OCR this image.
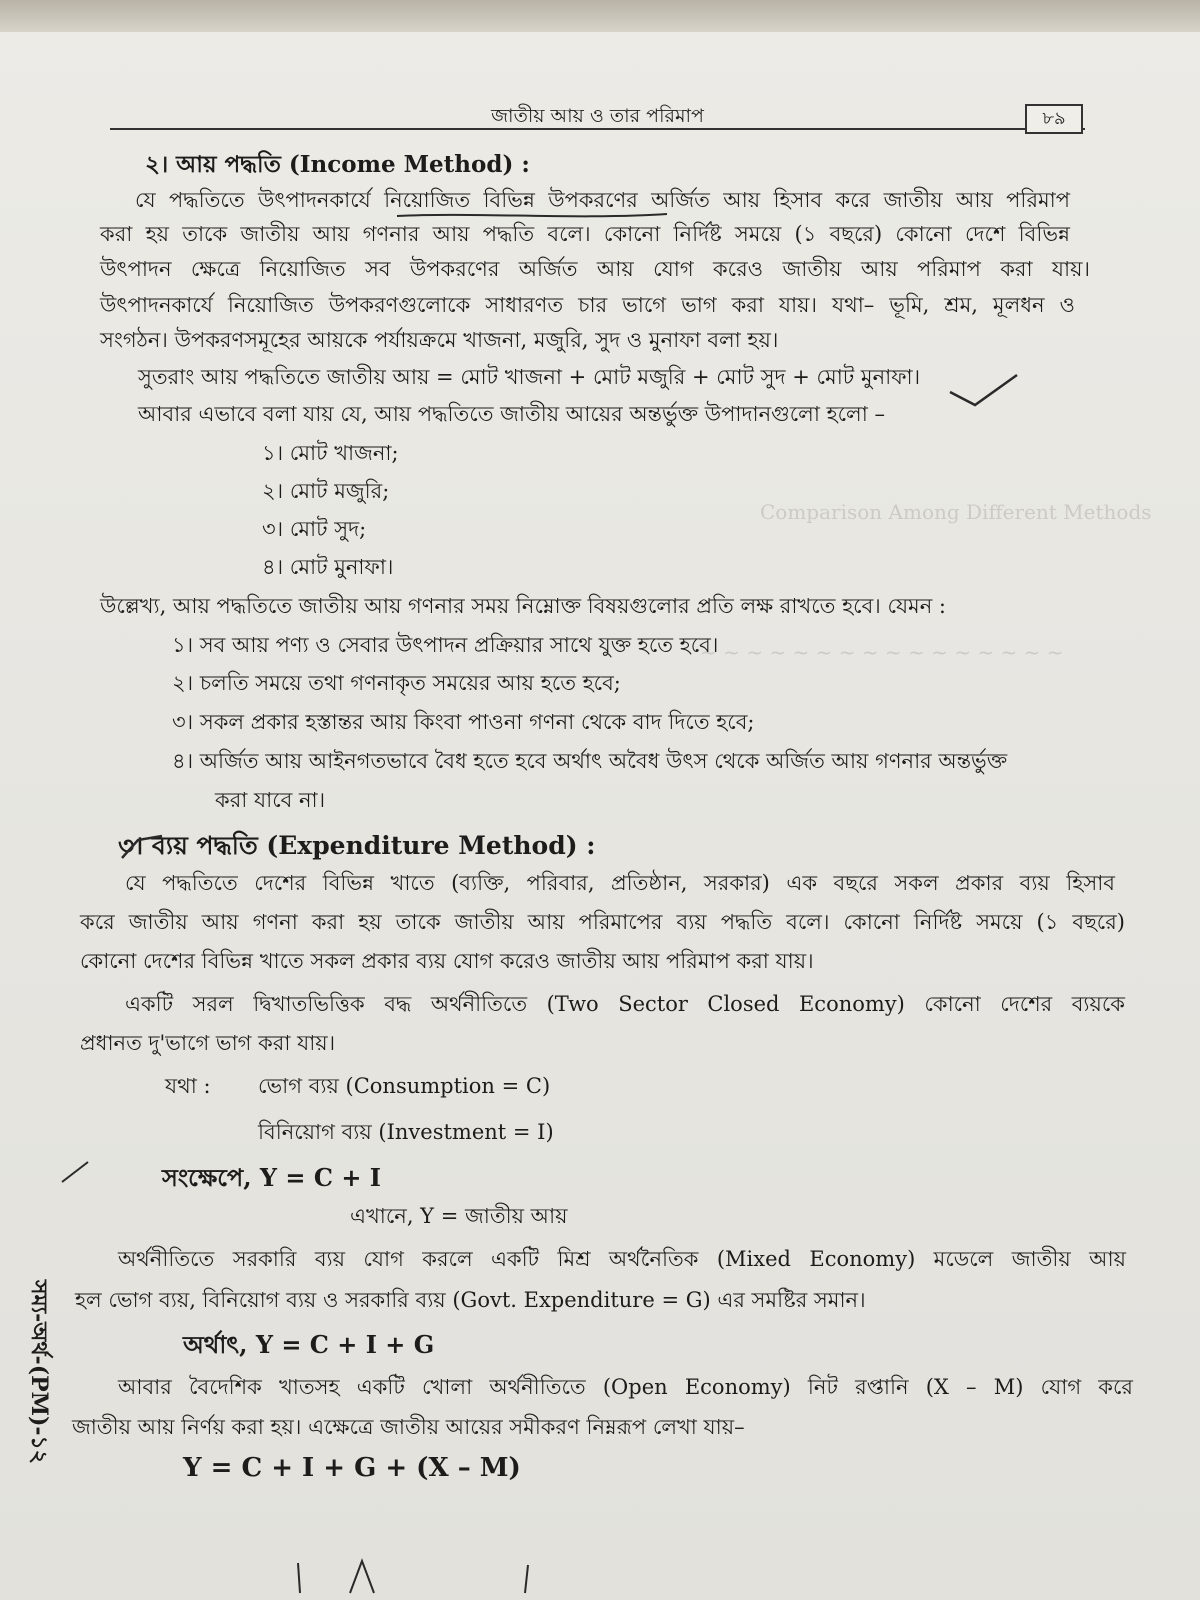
Comparison Among Different Methods
~ ~ ~ ~ ~ ~ ~ ~ ~ ~ ~ ~ ~ ~ ~ ~
জাতীয় আয় ও তার পরিমাপ	৮৯
২। আয় পদ্ধতি (Income Method) :
যে পদ্ধতিতে উৎপাদনকার্যে নিয়োজিত বিভিন্ন উপকরণের অর্জিত আয় হিসাব করে জাতীয় আয় পরিমাপ
করা হয় তাকে জাতীয় আয় গণনার আয় পদ্ধতি বলে। কোনো নির্দিষ্ট সময়ে (১ বছরে) কোনো দেশে বিভিন্ন
উৎপাদন ক্ষেত্রে নিয়োজিত সব উপকরণের অর্জিত আয় যোগ করেও জাতীয় আয় পরিমাপ করা যায়।
উৎপাদনকার্যে নিয়োজিত উপকরণগুলোকে সাধারণত চার ভাগে ভাগ করা যায়। যথা– ভূমি, শ্রম, মূলধন ও
সংগঠন। উপকরণসমূহের আয়কে পর্যায়ক্রমে খাজনা, মজুরি, সুদ ও মুনাফা বলা হয়।
সুতরাং আয় পদ্ধতিতে জাতীয় আয় = মোট খাজনা + মোট মজুরি + মোট সুদ + মোট মুনাফা।
আবার এভাবে বলা যায় যে, আয় পদ্ধতিতে জাতীয় আয়ের অন্তর্ভুক্ত উপাদানগুলো হলো –
১। মোট খাজনা;
২। মোট মজুরি;
৩। মোট সুদ;
৪। মোট মুনাফা।
উল্লেখ্য, আয় পদ্ধতিতে জাতীয় আয় গণনার সময় নিম্নোক্ত বিষয়গুলোর প্রতি লক্ষ রাখতে হবে। যেমন :
১। সব আয় পণ্য ও সেবার উৎপাদন প্রক্রিয়ার সাথে যুক্ত হতে হবে।
২। চলতি সময়ে তথা গণনাকৃত সময়ের আয় হতে হবে;
৩। সকল প্রকার হস্তান্তর আয় কিংবা পাওনা গণনা থেকে বাদ দিতে হবে;
৪। অর্জিত আয় আইনগতভাবে বৈধ হতে হবে অর্থাৎ অবৈধ উৎস থেকে অর্জিত আয় গণনার অন্তর্ভুক্ত
করা যাবে না।
৩। ব্যয় পদ্ধতি (Expenditure Method) :
যে পদ্ধতিতে দেশের বিভিন্ন খাতে (ব্যক্তি, পরিবার, প্রতিষ্ঠান, সরকার) এক বছরে সকল প্রকার ব্যয় হিসাব
করে জাতীয় আয় গণনা করা হয় তাকে জাতীয় আয় পরিমাপের ব্যয় পদ্ধতি বলে। কোনো নির্দিষ্ট সময়ে (১ বছরে)
কোনো দেশের বিভিন্ন খাতে সকল প্রকার ব্যয় যোগ করেও জাতীয় আয় পরিমাপ করা যায়।
একটি সরল দ্বিখাতভিত্তিক বদ্ধ অর্থনীতিতে (Two Sector Closed Economy) কোনো দেশের ব্যয়কে
প্রধানত দু'ভাগে ভাগ করা যায়।
যথা : ভোগ ব্যয় (Consumption = C)
বিনিয়োগ ব্যয় (Investment = I)
সংক্ষেপে, Y = C + I
এখানে, Y = জাতীয় আয়
অর্থনীতিতে সরকারি ব্যয় যোগ করলে একটি মিশ্র অর্থনৈতিক (Mixed Economy) মডেলে জাতীয় আয়
হল ভোগ ব্যয়, বিনিয়োগ ব্যয় ও সরকারি ব্যয় (Govt. Expenditure = G) এর সমষ্টির সমান।
অর্থাৎ, Y = C + I + G
আবার বৈদেশিক খাতসহ একটি খোলা অর্থনীতিতে (Open Economy) নিট রপ্তানি (X – M) যোগ করে
জাতীয় আয় নির্ণয় করা হয়। এক্ষেত্রে জাতীয় আয়ের সমীকরণ নিম্নরূপ লেখা যায়–
Y = C + I + G + (X – M)
সম্য-অর্থ-(PM)-১২
